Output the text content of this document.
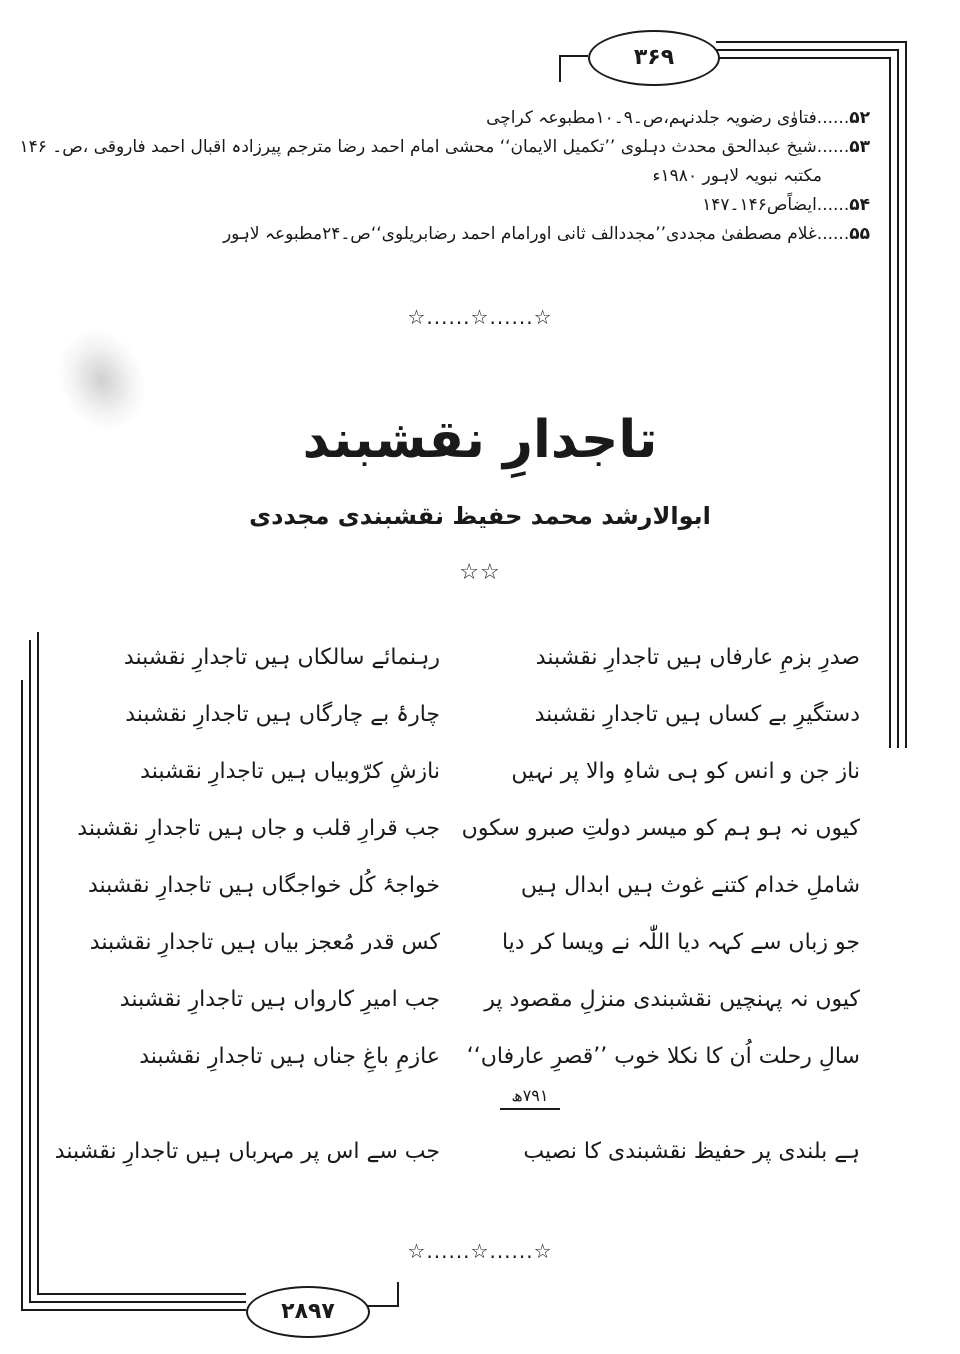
۳۶۹
۲۸۹۷
۵۲......فتاوٰی رضویہ جلدنہم،ص۔۹۔۱۰مطبوعہ کراچی
۵۳......شیخ عبدالحق محدث دہلوی ’’تکمیل الایمان‘‘ محشی امام احمد رضا مترجم پیرزادہ اقبال احمد فاروقی ،ص۔ ۱۴۶
مکتبہ نبویہ لاہور ۱۹۸۰ء
۵۴......ایضاًص۱۴۶۔۱۴۷
۵۵......غلام مصطفیٰ مجددی’’مجددالف ثانی اورامام احمد رضابریلوی‘‘ص۔۲۴مطبوعہ لاہور
☆......☆......☆
تاجدارِ نقشبند
ابوالارشد محمد حفیظ نقشبندی مجددی
☆☆
صدرِ بزمِ عارفاں ہیں تاجدارِ نقشبند
رہنمائے سالکاں ہیں تاجدارِ نقشبند
دستگیرِ بے کساں ہیں تاجدارِ نقشبند
چارۂ بے چارگاں ہیں تاجدارِ نقشبند
ناز جن و انس کو ہی شاہِ والا پر نہیں
نازشِ کرّوبیاں ہیں تاجدارِ نقشبند
کیوں نہ ہو ہم کو میسر دولتِ صبرو سکوں
جب قرارِ قلب و جاں ہیں تاجدارِ نقشبند
شاملِ خدام کتنے غوث ہیں ابدال ہیں
خواجۂ کُل خواجگاں ہیں تاجدارِ نقشبند
جو زباں سے کہہ دیا اللّٰہ نے ویسا کر دیا
کس قدر مُعجز بیاں ہیں تاجدارِ نقشبند
کیوں نہ پہنچیں نقشبندی منزلِ مقصود پر
جب امیرِ کارواں ہیں تاجدارِ نقشبند
سالِ رحلت اُن کا نکلا خوب ’’قصرِ عارفاں‘‘
عازمِ باغِ جناں ہیں تاجدارِ نقشبند
۷۹۱ھ
ہے بلندی پر حفیظ نقشبندی کا نصیب
جب سے اس پر مہرباں ہیں تاجدارِ نقشبند
☆......☆......☆
